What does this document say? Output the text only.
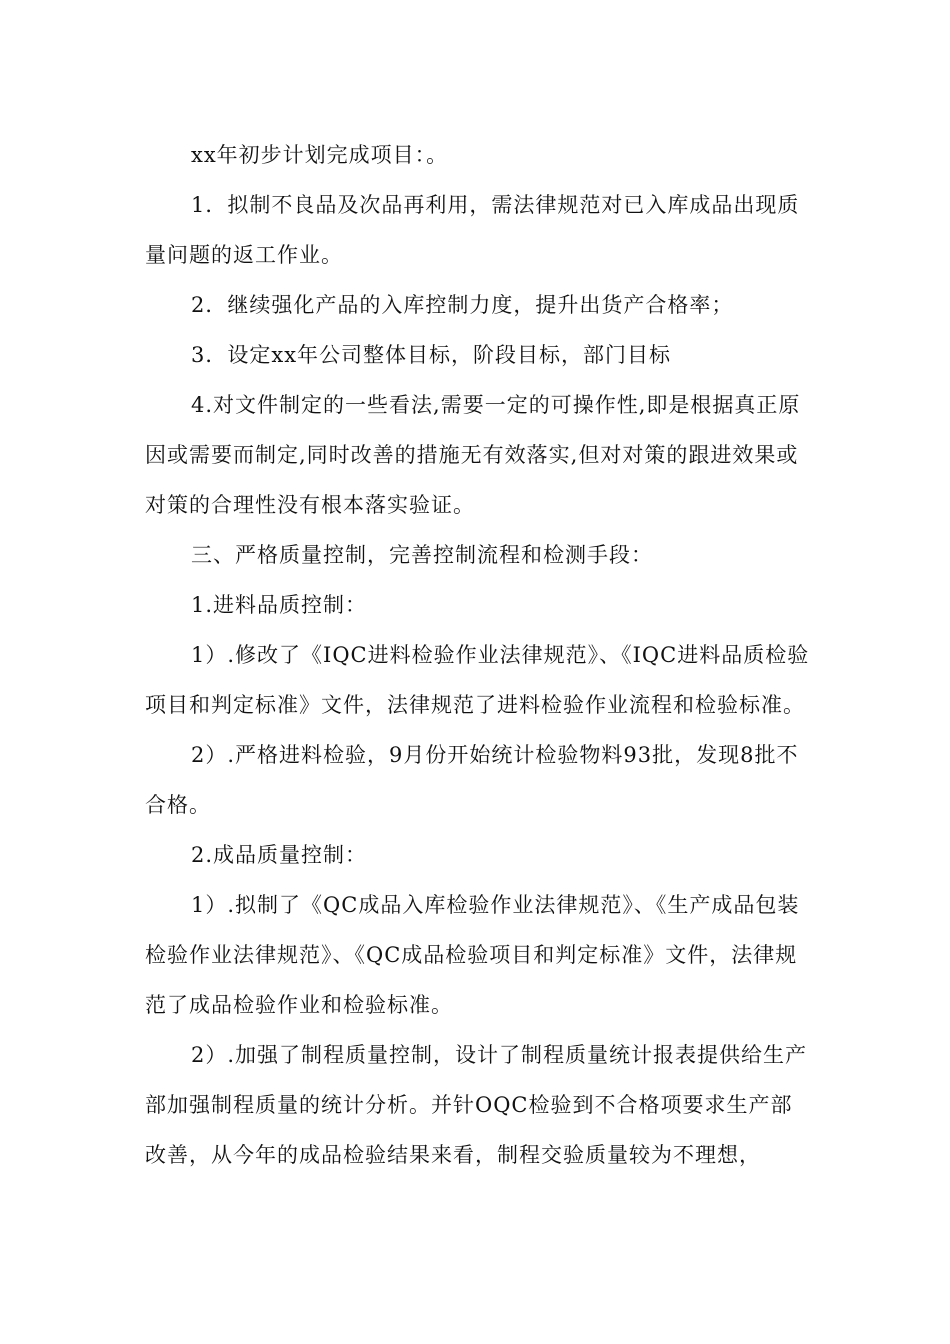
xx年初步计划完成项目：。

1．拟制不良品及次品再利用，需法律规范对已入库成品出现质量问题的返工作业。

2．继续强化产品的入库控制力度，提升出货产合格率；

3．设定xx年公司整体目标，阶段目标，部门目标

4.对文件制定的一些看法,需要一定的可操作性,即是根据真正原因或需要而制定,同时改善的措施无有效落实,但对对策的跟进效果或对策的合理性没有根本落实验证。

三、严格质量控制，完善控制流程和检测手段：

1.进料品质控制：

1）.修改了《IQC进料检验作业法律规范》、《IQC进料品质检验项目和判定标准》文件，法律规范了进料检验作业流程和检验标准。

2）.严格进料检验，9月份开始统计检验物料93批，发现8批不合格。

2.成品质量控制：

1）.拟制了《QC成品入库检验作业法律规范》、《生产成品包装检验作业法律规范》、《QC成品检验项目和判定标准》文件，法律规范了成品检验作业和检验标准。

2）.加强了制程质量控制，设计了制程质量统计报表提供给生产部加强制程质量的统计分析。并针OQC检验到不合格项要求生产部改善，从今年的成品检验结果来看，制程交验质量较为不理想，
